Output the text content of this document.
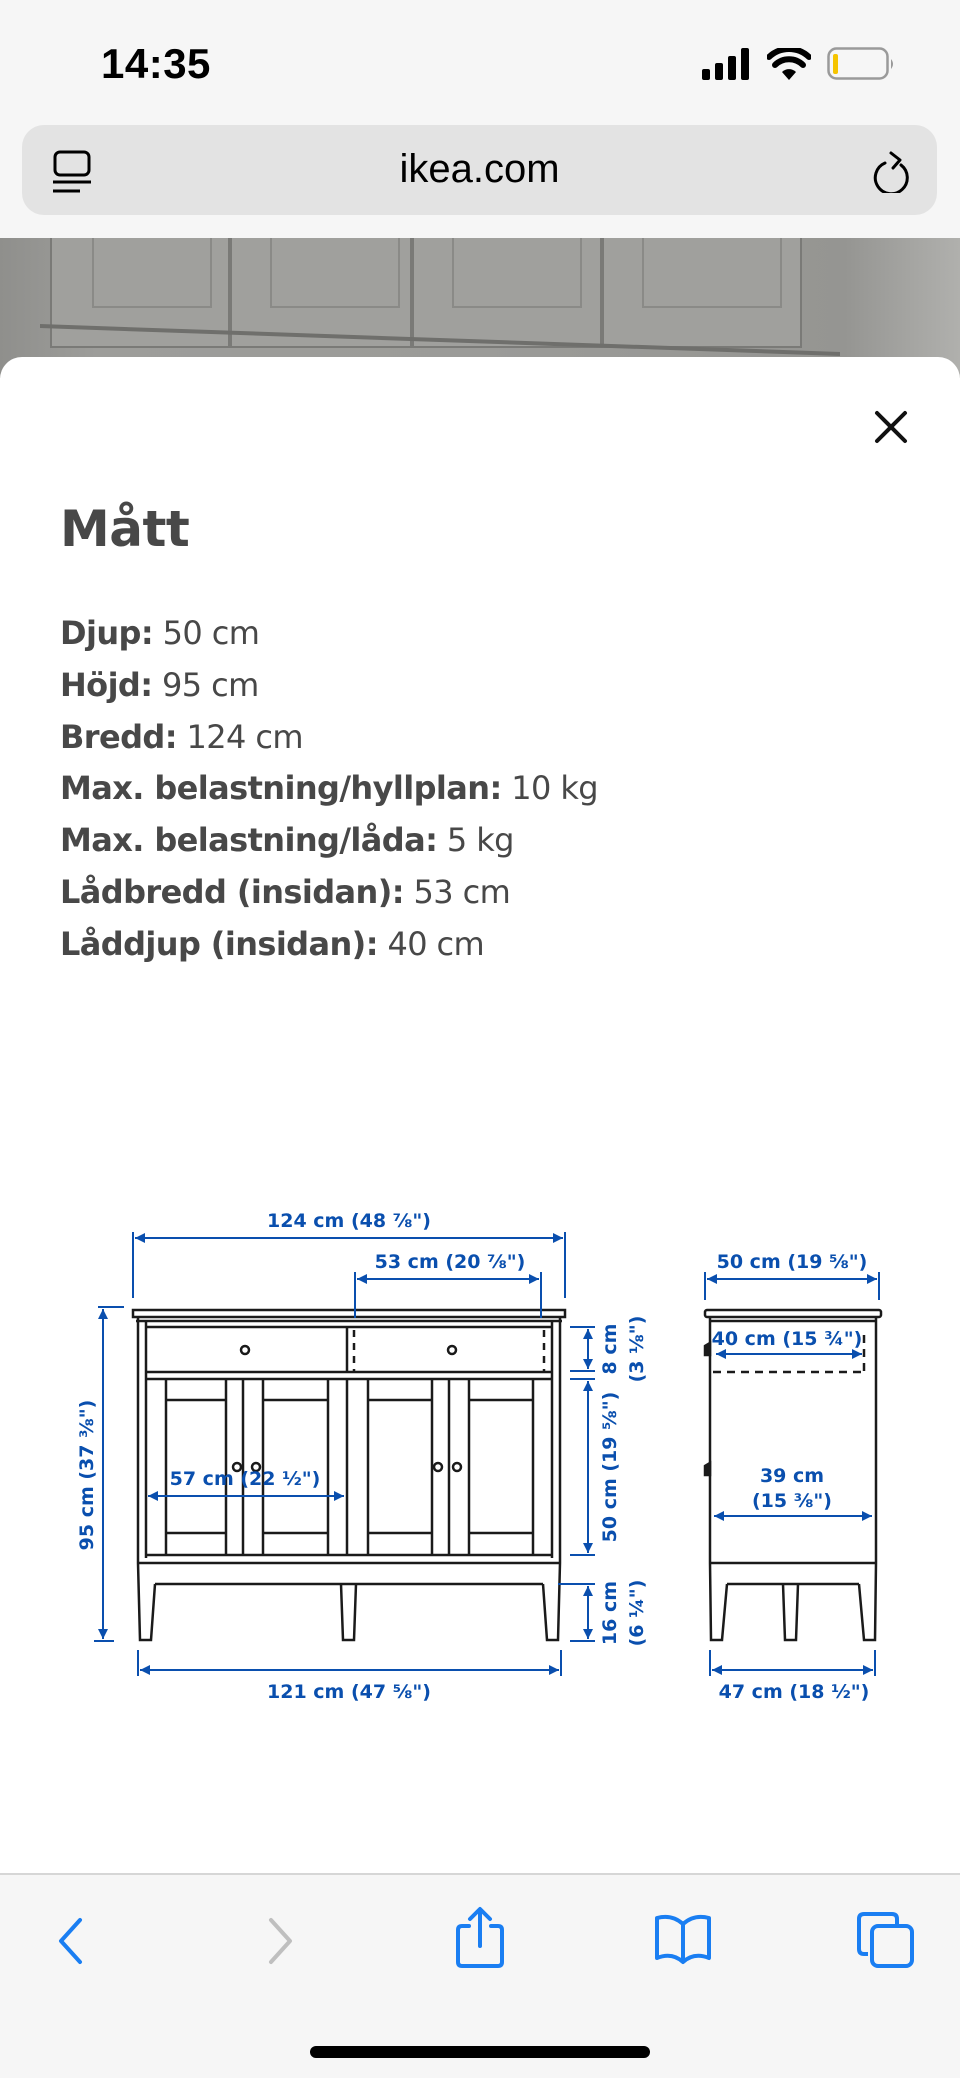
14:35
ikea.com
Mått
Djup: 50 cm
Höjd: 95 cm
Bredd: 124 cm
Max. belastning/hyllplan: 10 kg
Max. belastning/låda: 5 kg
Lådbredd (insidan): 53 cm
Låddjup (insidan): 40 cm
124 cm (48 ⅞")
53 cm (20 ⅞")
95 cm (37 ⅜")	57 cm (22 ½")
8 cm (3 ⅛")
50 cm (19 ⅝")
16 cm (6 ¼")
121 cm (47 ⅝")
50 cm (19 ⅝")
40 cm (15 ¾")
39 cm
(15 ⅜")
47 cm (18 ½")
